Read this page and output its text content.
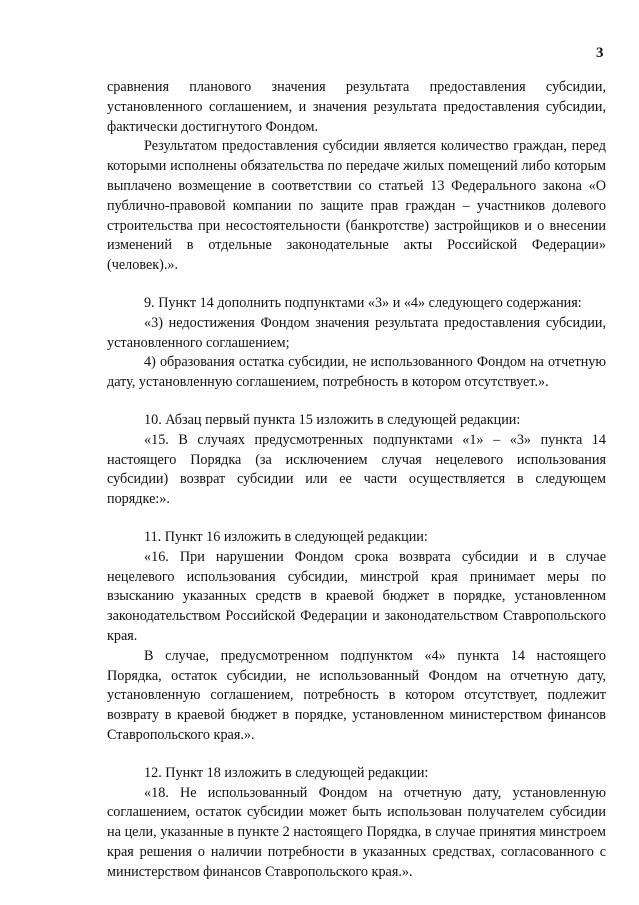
3

сравнения планового значения результата предоставления субсидии, установленного соглашением, и значения результата предоставления субсидии, фактически достигнутого Фондом.

Результатом предоставления субсидии является количество граждан, перед которыми исполнены обязательства по передаче жилых помещений либо которым выплачено возмещение в соответствии со статьей 13 Федерального закона «О публично-правовой компании по защите прав граждан – участников долевого строительства при несостоятельности (банкротстве) застройщиков и о внесении изменений в отдельные законодательные акты Российской Федерации» (человек).».

9. Пункт 14 дополнить подпунктами «3» и «4» следующего содержания:

«3) недостижения Фондом значения результата предоставления субсидии, установленного соглашением;

4) образования остатка субсидии, не использованного Фондом на отчетную дату, установленную соглашением, потребность в котором отсутствует.».

10. Абзац первый пункта 15 изложить в следующей редакции:

«15. В случаях предусмотренных подпунктами «1» – «3» пункта 14 настоящего Порядка (за исключением случая нецелевого использования субсидии) возврат субсидии или ее части осуществляется в следующем порядке:».

11. Пункт 16 изложить в следующей редакции:

«16. При нарушении Фондом срока возврата субсидии и в случае нецелевого использования субсидии, минстрой края принимает меры по взысканию указанных средств в краевой бюджет в порядке, установленном законодательством Российской Федерации и законодательством Ставропольского края.

В случае, предусмотренном подпунктом «4» пункта 14 настоящего Порядка, остаток субсидии, не использованный Фондом на отчетную дату, установленную соглашением, потребность в котором отсутствует, подлежит возврату в краевой бюджет в порядке, установленном министерством финансов Ставропольского края.».

12. Пункт 18 изложить в следующей редакции:

«18. Не использованный Фондом на отчетную дату, установленную соглашением, остаток субсидии может быть использован получателем субсидии на цели, указанные в пункте 2 настоящего Порядка, в случае принятия минстроем края решения о наличии потребности в указанных средствах, согласованного с министерством финансов Ставропольского края.».
